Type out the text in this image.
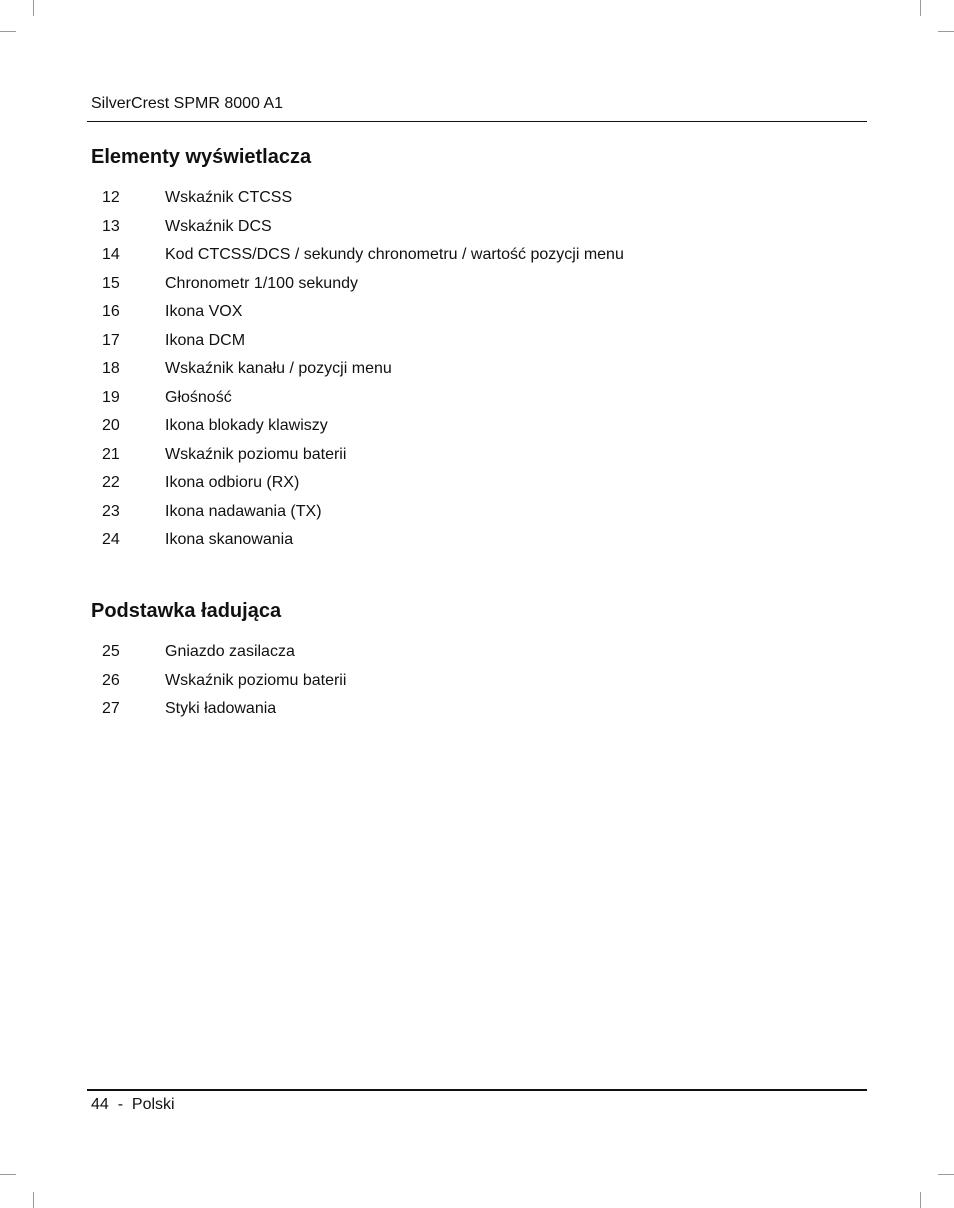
SilverCrest SPMR 8000 A1
Elementy wyświetlacza
12	Wskaźnik CTCSS
13	Wskaźnik DCS
14	Kod CTCSS/DCS / sekundy chronometru / wartość pozycji menu
15	Chronometr 1/100 sekundy
16	Ikona VOX
17	Ikona DCM
18	Wskaźnik kanału / pozycji menu
19	Głośność
20	Ikona blokady klawiszy
21	Wskaźnik poziomu baterii
22	Ikona odbioru (RX)
23	Ikona nadawania (TX)
24	Ikona skanowania
Podstawka ładująca
25	Gniazdo zasilacza
26	Wskaźnik poziomu baterii
27	Styki ładowania
44 - Polski
